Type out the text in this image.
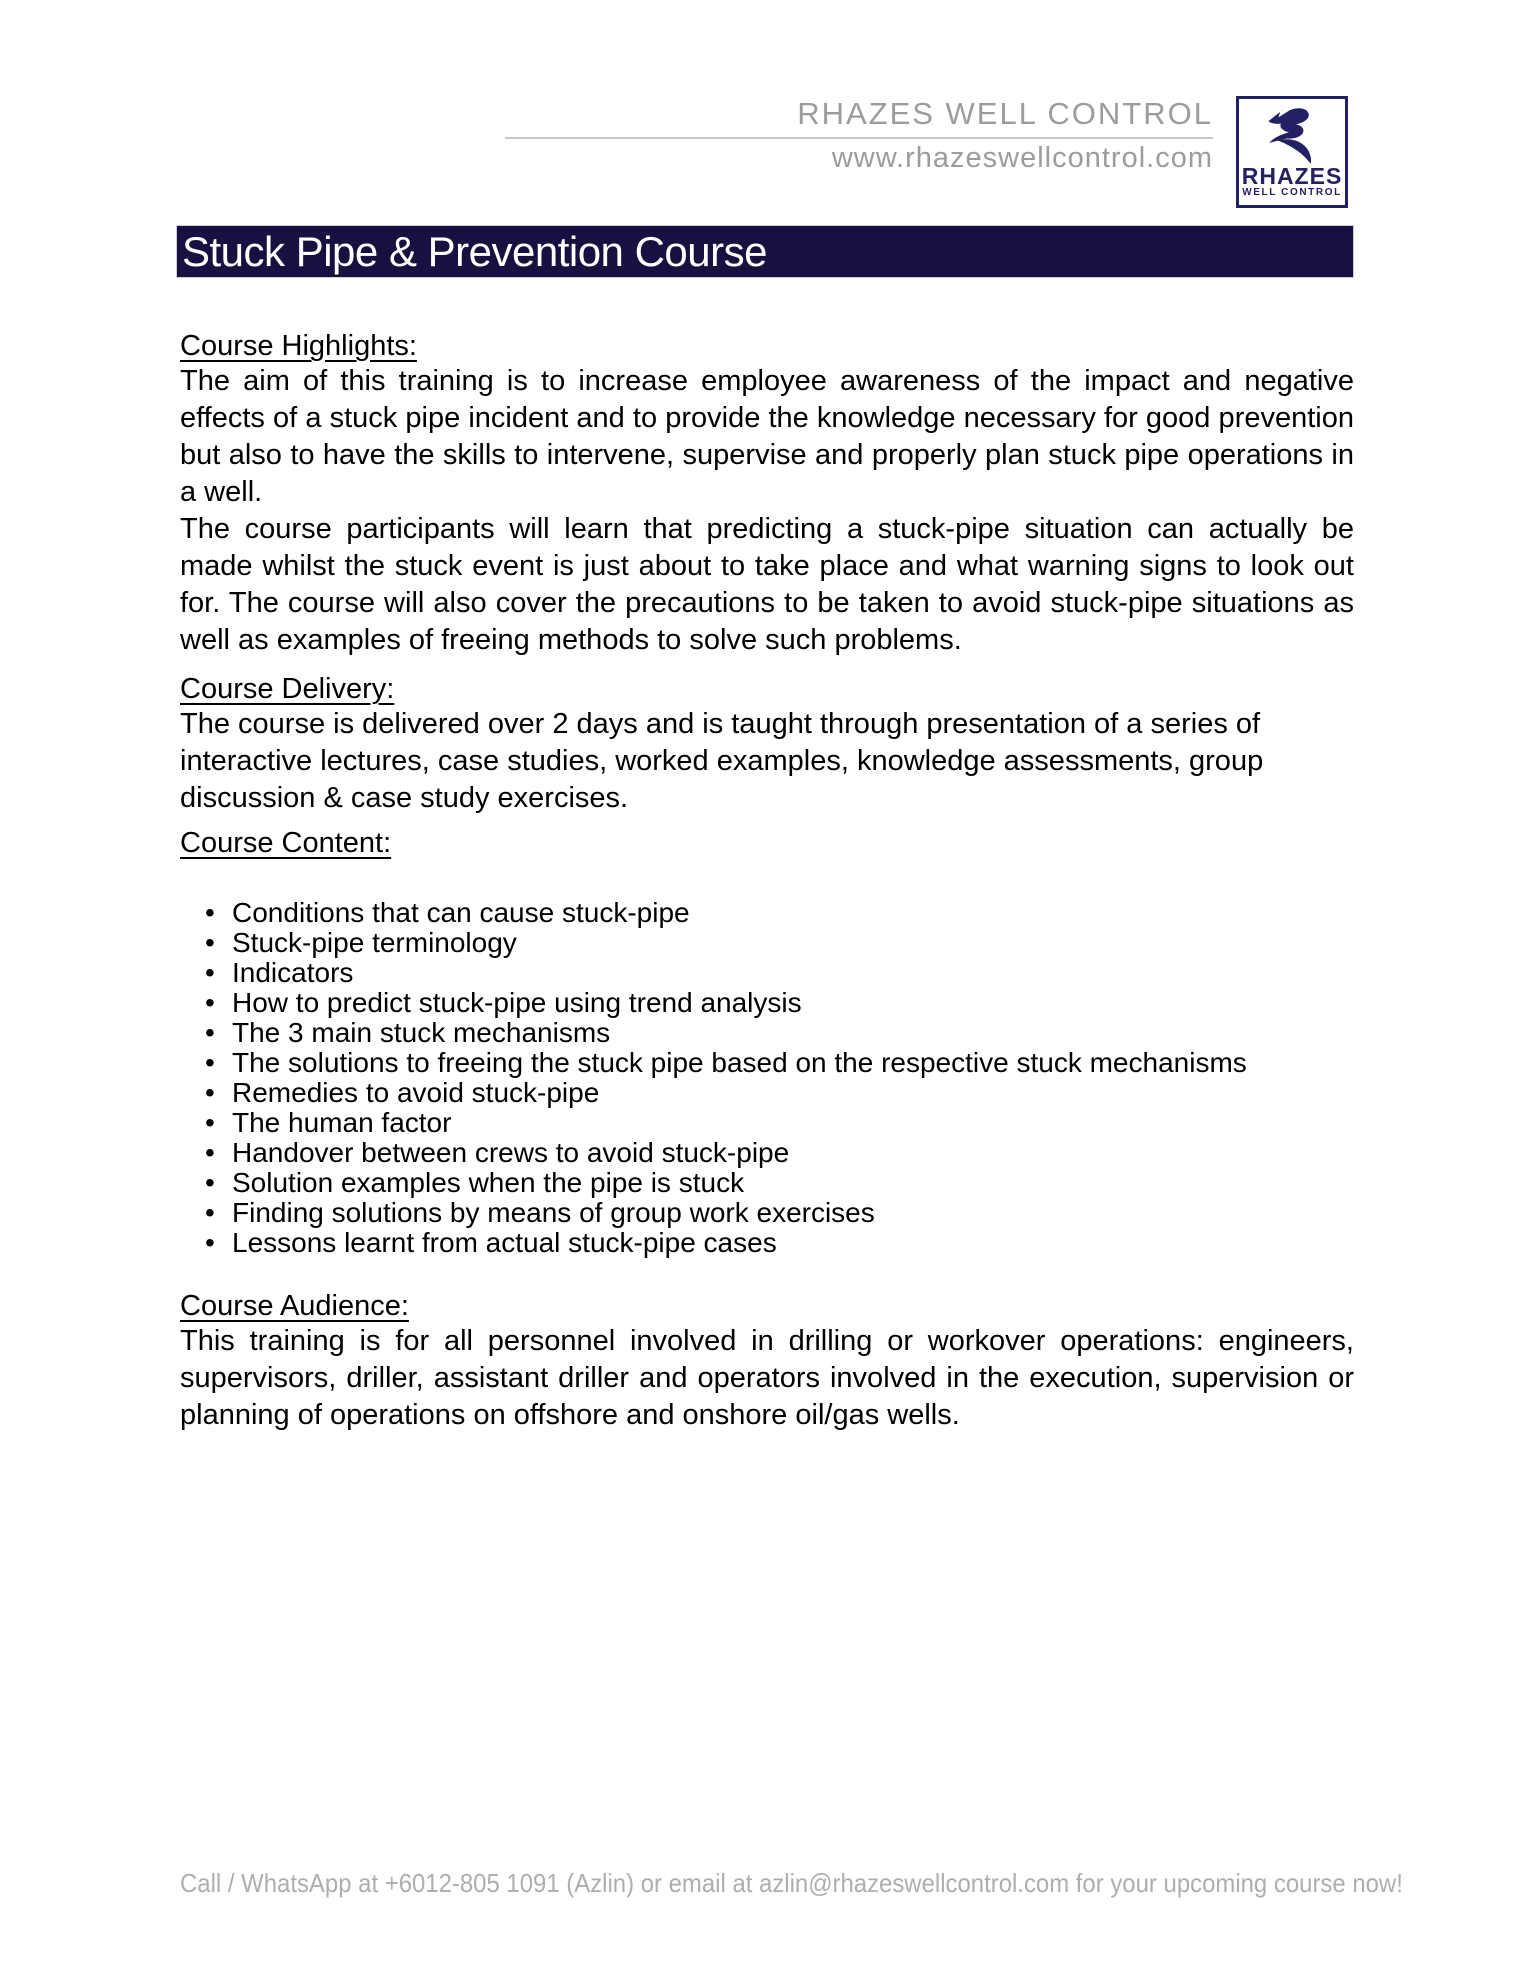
RHAZES WELL CONTROL
www.rhazeswellcontrol.com
RHAZES
WELL CONTROL
Stuck Pipe & Prevention Course
Course Highlights:

The aim of this training is to increase employee awareness of the impact and negative effects of a stuck pipe incident and to provide the knowledge necessary for good prevention but also to have the skills to intervene, supervise and properly plan stuck pipe operations in a well.

The course participants will learn that predicting a stuck-pipe situation can actually be made whilst the stuck event is just about to take place and what warning signs to look out for. The course will also cover the precautions to be taken to avoid stuck-pipe situations as well as examples of freeing methods to solve such problems.

Course Delivery:

The course is delivered over 2 days and is taught through presentation of a series of interactive lectures, case studies, worked examples, knowledge assessments, group discussion & case study exercises.

Course Content:
• Conditions that can cause stuck-pipe
• Stuck-pipe terminology
• Indicators
• How to predict stuck-pipe using trend analysis
• The 3 main stuck mechanisms
• The solutions to freeing the stuck pipe based on the respective stuck mechanisms
• Remedies to avoid stuck-pipe
• The human factor
• Handover between crews to avoid stuck-pipe
• Solution examples when the pipe is stuck
• Finding solutions by means of group work exercises
• Lessons learnt from actual stuck-pipe cases
Course Audience:

This training is for all personnel involved in drilling or workover operations: engineers, supervisors, driller, assistant driller and operators involved in the execution, supervision or planning of operations on offshore and onshore oil/gas wells.

Call / WhatsApp at +6012-805 1091 (Azlin) or email at azlin@rhazeswellcontrol.com for your upcoming course now!
